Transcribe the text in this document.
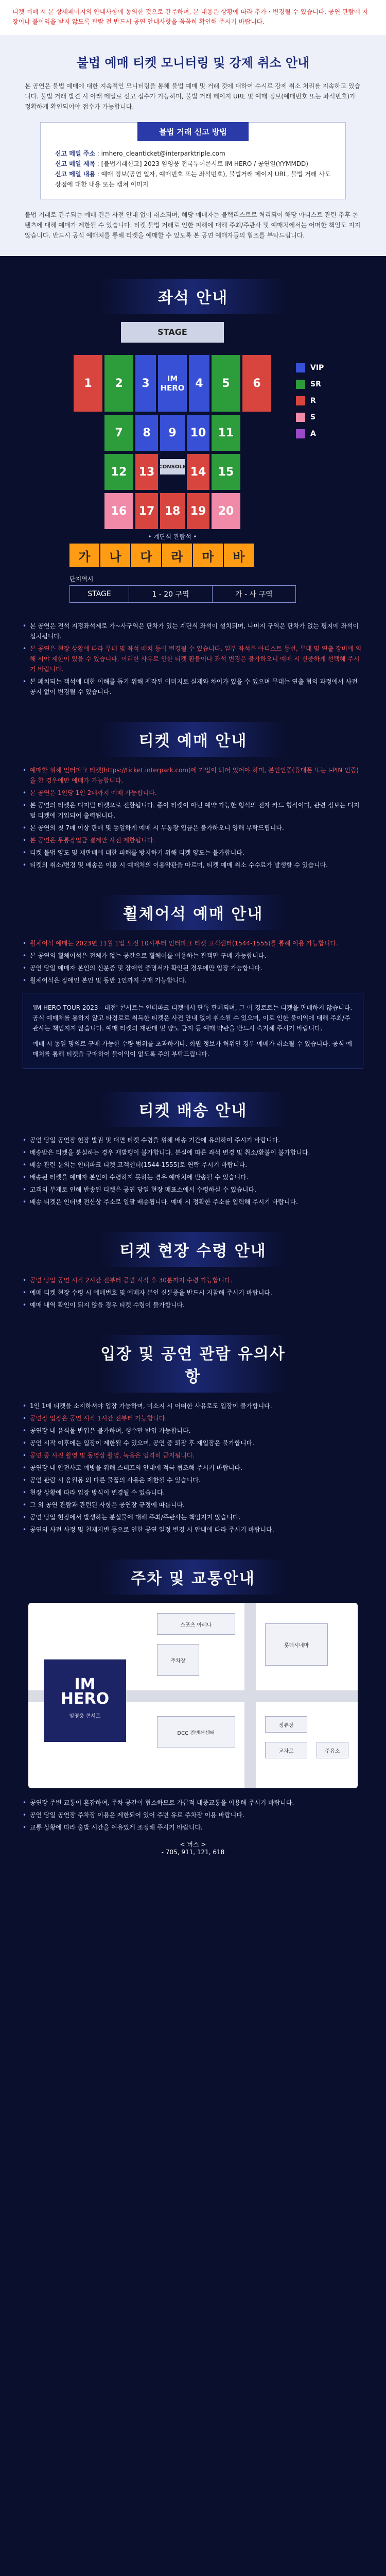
티켓 예매 시 본 상세페이지의 안내사항에 동의한 것으로 간주하며, 본 내용은 상황에 따라 추가・변경될 수 있습니다. 공연 관람에 지장이나 불이익을 받지 않도록 관람 전 반드시 공연 안내사항을 꼼꼼히 확인해 주시기 바랍니다.
불법 예매 티켓 모니터링 및 강제 취소 안내
본 공연은 불법 예매에 대한 지속적인 모니터링을 통해 불법 예매 및 거래 것에 대하여 수시로 강제 취소 처리를 지속하고 있습니다. 불법 거래 발견 시 아래 메일로 신고 접수가 가능하며, 불법 거래 페이지 URL 및 예매 정보(예매번호 또는 좌석번호)가 정확하게 확인되어야 접수가 가능합니다.
불법 거래 신고 방법
신고 메일 주소 : imhero_cleanticket@interparktriple.com
신고 메일 제목 : [불법거래신고] 2023 임영웅 전국투어콘서트 IM HERO / 공연일(YYMMDD)
신고 메일 내용 : 예매 정보(공연 일자, 예매번호 또는 좌석번호), 불법거래 페이지 URL, 불법 거래 사도 장점에 대한 내용 또는 캡쳐 이미지
불법 거래로 간주되는 예매 건은 사전 안내 없이 취소되며, 해당 예매자는 블랙리스트로 처리되어 해당 아티스트 관련 추후 콘텐츠에 대해 예매가 제한될 수 있습니다. 티켓 불법 거래로 인한 피해에 대해 주최/주관사 및 예매처에서는 어떠한 책임도 지지 않습니다. 반드시 공식 예매처를 통해 티켓을 예매할 수 있도록 본 공연 예매자들의 협조를 부탁드립니다.
좌석 안내
STAGE
3	IM
HERO 4
2	5
1	6
8	9	10
7	11
12	13 CONSOLE 14	15
16	17 18 19	20
• 계단식 관람석 •
가	나	다	라	마	바
VIP
SR
R
S
A
단지역시
STAGE	1 - 20 구역	가 - 사 구역
• 본 공연은 전석 지정좌석제로 가~사구역은 단차가 있는 계단식 좌석이 설치되며, 나머지 구역은 단차가 없는 평지에 좌석이 설치됩니다.
• 본 공연은 현장 상황에 따라 무대 및 좌석 배치 등이 변경될 수 있습니다. 일부 좌석은 아티스트 동선, 무대 및 연출 장비에 의해 시야 제한이 있을 수 있습니다. 이러한 사유로 인한 티켓 환불이나 좌석 변경은 불가하오니 예매 시 신중하게 선택해 주시기 바랍니다.
• 본 패치되는 객석에 대한 이해를 돕기 위해 제작된 이미지로 실제와 차이가 있을 수 있으며 무대는 연출 협의 과정에서 사전 공지 없이 변경될 수 있습니다.
티켓 예매 안내
• 예매할 위해 인터파크 티켓(https://ticket.interpark.com)에 가입이 되어 있어야 하며, 본인인증(휴대폰 또는 I-PIN 인증)을 한 경우에만 예매가 가능합니다.
• 본 공연은 1인당 1인 2매까지 예매 가능합니다.
• 본 공연의 티켓은 디지털 티켓으로 전환됩니다. 종이 티켓이 아닌 예약 가능한 형식의 전자 카드 형식이며, 관련 정보는 디지털 티켓에 기입되어 출력됩니다.
• 본 공연의 첫 7매 이상 판매 및 동일하게 예매 시 무통장 입금은 불가하오니 양해 부탁드립니다.
• 본 공연은 무통장입금 결제만 사전 제한됩니다.
• 티켓 불법 양도 및 재판매에 대한 피해를 방지하기 위해 티켓 양도는 불가합니다.
• 티켓의 취소/변경 및 배송은 이용 시 예매처의 이용약관을 따르며, 티켓 예매 취소 수수료가 발생할 수 있습니다.
휠체어석 예매 안내
• 휠체어석 예매는 2023년 11월 1일 오전 10시부터 인터파크 티켓 고객센터(1544-1555)를 통해 이용 가능합니다.
• 본 공연의 휠체어석은 전체가 없는 공간으로 휠체어를 이용하는 관객만 구매 가능합니다.
• 공연 당일 예매자 본인의 신분증 및 장애인 증명서가 확인된 경우에만 입장 가능합니다.
• 휠체어석은 장애인 본인 및 동반 1인까지 구매 가능합니다.
'IM HERO TOUR 2023 - 대전' 콘서트는 인터파크 티켓에서 단독 판매되며, 그 이 경로로는 티켓을 판매하지 않습니다. 공식 예매처를 통하지 않고 타경로로 취득한 티켓은 사전 안내 없이 취소될 수 있으며, 이로 인한 불이익에 대해 주최/주관사는 책임지지 않습니다. 예매 티켓의 재판매 및 양도 금지 등 예매 약관을 반드시 숙지해 주시기 바랍니다.
예매 시 동일 명의로 구매 가능한 수량 범위를 초과하거나, 회원 정보가 허위인 경우 예매가 취소될 수 있습니다. 공식 예매처를 통해 티켓을 구매하여 불이익이 없도록 주의 부탁드립니다.
티켓 배송 안내
• 공연 당일 공연장 현장 발권 및 대면 티켓 수령을 위해 배송 기간에 유의하여 주시기 바랍니다.
• 배송받은 티켓을 분실하는 경우 재발행이 불가합니다. 분실에 따른 좌석 변경 및 취소/환불이 불가합니다.
• 배송 관련 문의는 인터파크 티켓 고객센터(1544-1555)로 연락 주시기 바랍니다.
• 배송된 티켓을 예매자 본인이 수령하지 못하는 경우 예매처에 반송될 수 있습니다.
• 고객의 부재로 인해 반송된 티켓은 공연 당일 현장 매표소에서 수령하실 수 있습니다.
• 배송 티켓은 인터넷 전산상 주소로 일괄 배송됩니다. 예매 시 정확한 주소를 입력해 주시기 바랍니다.
티켓 현장 수령 안내
• 공연 당일 공연 시작 2시간 전부터 공연 시작 후 30분까지 수령 가능합니다.
• 예매 티켓 현장 수령 시 예매번호 및 예매자 본인 신분증을 반드시 지참해 주시기 바랍니다.
• 예매 내역 확인이 되지 않을 경우 티켓 수령이 불가합니다.
입장 및 공연 관람 유의사항
• 1인 1매 티켓을 소지하셔야 입장 가능하며, 미소지 시 어떠한 사유로도 입장이 불가합니다.
• 공연장 입장은 공연 시작 1시간 전부터 가능합니다.
• 공연장 내 음식물 반입은 불가하며, 생수만 반입 가능합니다.
• 공연 시작 이후에는 입장이 제한될 수 있으며, 공연 중 퇴장 후 재입장은 불가합니다.
• 공연 중 사진 촬영 및 동영상 촬영, 녹음은 엄격히 금지됩니다.
• 공연장 내 안전사고 예방을 위해 스태프의 안내에 적극 협조해 주시기 바랍니다.
• 공연 관람 시 응원봉 외 다른 물품의 사용은 제한될 수 있습니다.
• 현장 상황에 따라 입장 방식이 변경될 수 있습니다.
• 그 외 공연 관람과 관련된 사항은 공연장 규정에 따릅니다.
• 공연 당일 현장에서 발생하는 분실물에 대해 주최/주관사는 책임지지 않습니다.
• 공연의 사전 사정 및 천재지변 등으로 인한 공연 일정 변경 시 안내에 따라 주시기 바랍니다.
주차 및 교통안내
IM
HERO
임영웅 콘서트
스포츠 아레나
주차장
롯데시네마
DCC 컨벤션센터
정류장
교차로	주유소
• 공연장 주변 교통이 혼잡하여, 주차 공간이 협소하므로 가급적 대중교통을 이용해 주시기 바랍니다.
• 공연 당일 공연장 주차장 이용은 제한되어 있어 주변 유료 주차장 이용 바랍니다.
• 교통 상황에 따라 출발 시간을 여유있게 조정해 주시기 바랍니다.
< 버스 >
- 705, 911, 121, 618
